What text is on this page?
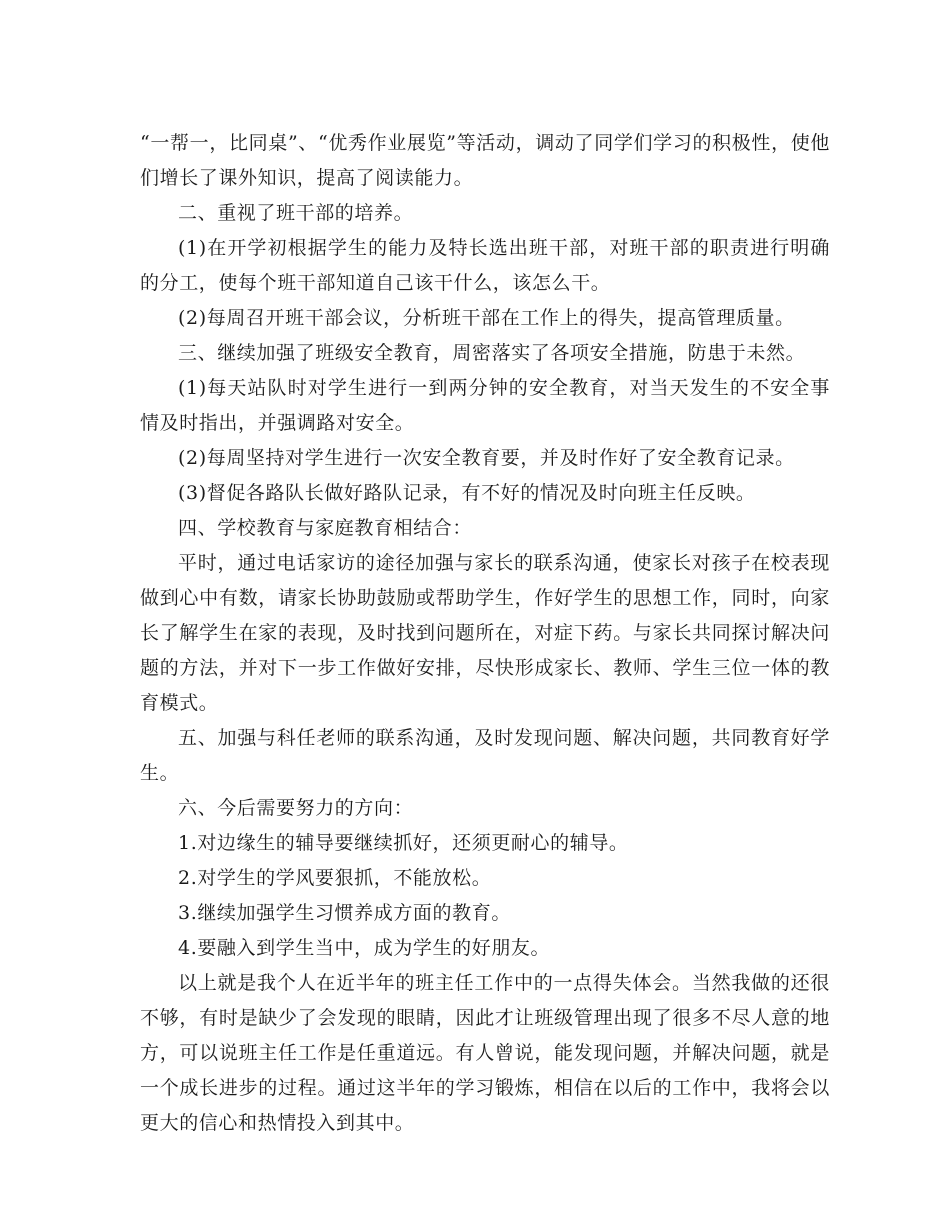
“一帮一，比同桌”、“优秀作业展览”等活动，调动了同学们学习的积极性，使他们增长了课外知识，提高了阅读能力。

二、重视了班干部的培养。

(1)在开学初根据学生的能力及特长选出班干部，对班干部的职责进行明确的分工，使每个班干部知道自己该干什么，该怎么干。

(2)每周召开班干部会议，分析班干部在工作上的得失，提高管理质量。

三、继续加强了班级安全教育，周密落实了各项安全措施，防患于未然。

(1)每天站队时对学生进行一到两分钟的安全教育，对当天发生的不安全事情及时指出，并强调路对安全。

(2)每周坚持对学生进行一次安全教育要，并及时作好了安全教育记录。

(3)督促各路队长做好路队记录，有不好的情况及时向班主任反映。

四、学校教育与家庭教育相结合：

平时，通过电话家访的途径加强与家长的联系沟通，使家长对孩子在校表现做到心中有数，请家长协助鼓励或帮助学生，作好学生的思想工作，同时，向家长了解学生在家的表现，及时找到问题所在，对症下药。与家长共同探讨解决问题的方法，并对下一步工作做好安排，尽快形成家长、教师、学生三位一体的教育模式。

五、加强与科任老师的联系沟通，及时发现问题、解决问题，共同教育好学生。

六、今后需要努力的方向：

1.对边缘生的辅导要继续抓好，还须更耐心的辅导。

2.对学生的学风要狠抓，不能放松。

3.继续加强学生习惯养成方面的教育。

4.要融入到学生当中，成为学生的好朋友。

以上就是我个人在近半年的班主任工作中的一点得失体会。当然我做的还很不够，有时是缺少了会发现的眼睛，因此才让班级管理出现了很多不尽人意的地方，可以说班主任工作是任重道远。有人曾说，能发现问题，并解决问题，就是一个成长进步的过程。通过这半年的学习锻炼，相信在以后的工作中，我将会以更大的信心和热情投入到其中。
